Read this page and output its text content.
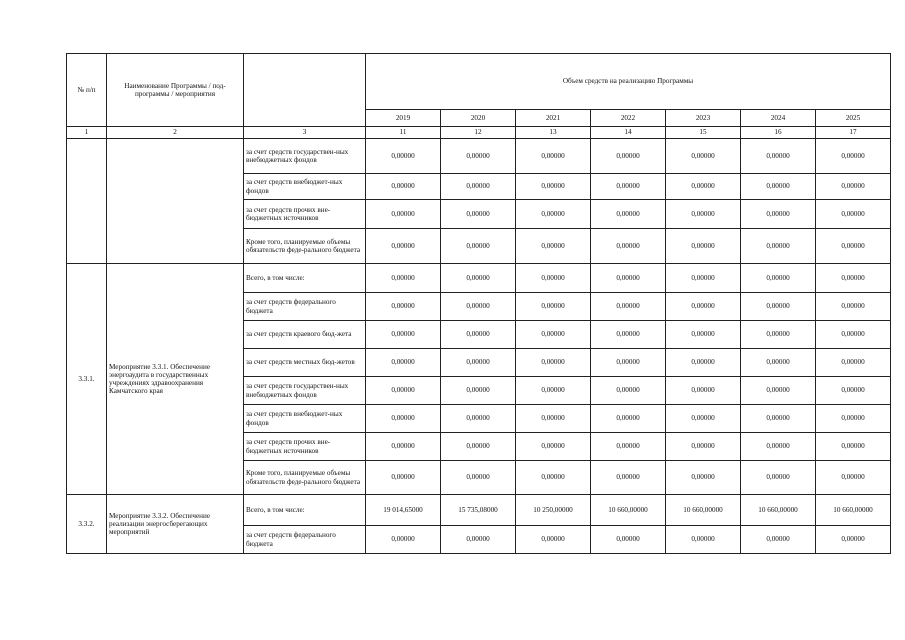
№ п/п	Наименование Программы / под-программы / мероприятия		Объем средств на реализацию Программы						
			2019	2020	2021	2022	2023	2024	2025
1	2	3	11	12	13	14	15	16	17
		за счет средств государствен-ных внебюджетных фондов	0,00000	0,00000	0,00000	0,00000	0,00000	0,00000	0,00000
		за счет средств внебюджет-ных фондов	0,00000	0,00000	0,00000	0,00000	0,00000	0,00000	0,00000
		за счет средств прочих вне-бюджетных источников	0,00000	0,00000	0,00000	0,00000	0,00000	0,00000	0,00000
		Кроме того, планируемые объемы обязательств феде-рального бюджета	0,00000	0,00000	0,00000	0,00000	0,00000	0,00000	0,00000
3.3.1.	Мероприятие 3.3.1. Обеспечение энергоаудита в государственных учреждениях здравоохранения Камчатского края	Всего, в том числе:	0,00000	0,00000	0,00000	0,00000	0,00000	0,00000	0,00000
		за счет средств федерального бюджета	0,00000	0,00000	0,00000	0,00000	0,00000	0,00000	0,00000
		за счет средств краевого бюд-жета	0,00000	0,00000	0,00000	0,00000	0,00000	0,00000	0,00000
		за счет средств местных бюд-жетов	0,00000	0,00000	0,00000	0,00000	0,00000	0,00000	0,00000
		за счет средств государствен-ных внебюджетных фондов	0,00000	0,00000	0,00000	0,00000	0,00000	0,00000	0,00000
		за счет средств внебюджет-ных фондов	0,00000	0,00000	0,00000	0,00000	0,00000	0,00000	0,00000
		за счет средств прочих вне-бюджетных источников	0,00000	0,00000	0,00000	0,00000	0,00000	0,00000	0,00000
		Кроме того, планируемые объемы обязательств феде-рального бюджета	0,00000	0,00000	0,00000	0,00000	0,00000	0,00000	0,00000
3.3.2.	Мероприятие 3.3.2. Обеспечение реализации энергосберегающих мероприятий	Всего, в том числе:	19 014,65000	15 735,08000	10 250,00000	10 660,00000	10 660,00000	10 660,00000	10 660,00000
		за счет средств федерального бюджета	0,00000	0,00000	0,00000	0,00000	0,00000	0,00000	0,00000
